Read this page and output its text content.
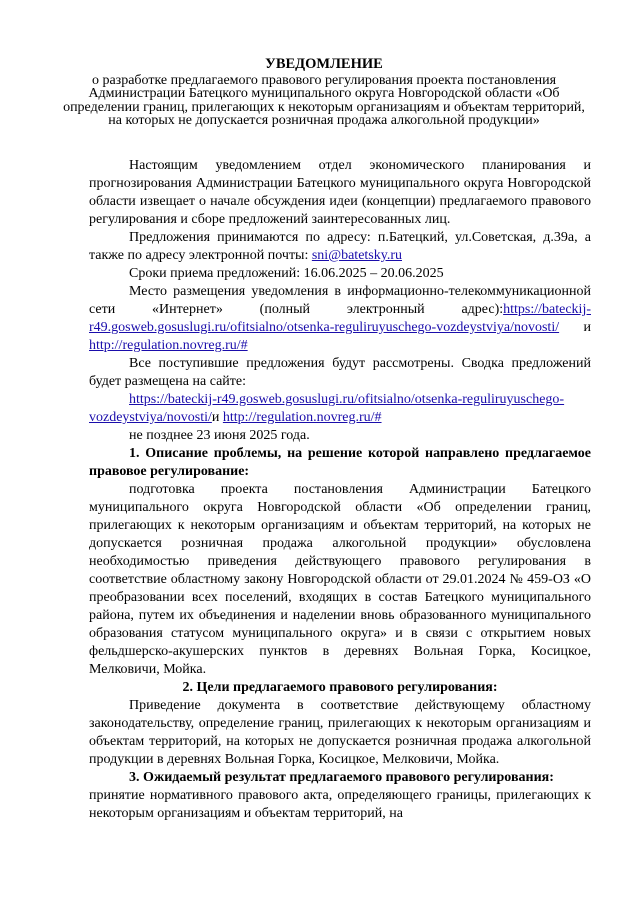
УВЕДОМЛЕНИЕ
о разработке предлагаемого правового регулирования проекта постановления Администрации Батецкого муниципального округа Новгородской области «Об определении границ, прилегающих к некоторым организациям и объектам территорий, на которых не допускается розничная продажа алкогольной продукции»

Настоящим уведомлением отдел экономического планирования и прогнозирования Администрации Батецкого муниципального округа Новгородской области извещает о начале обсуждения идеи (концепции) предлагаемого правового регулирования и сборе предложений заинтересованных лиц.

Предложения принимаются по адресу: п.Батецкий, ул.Советская, д.39а, а также по адресу электронной почты: sni@batetsky.ru

Сроки приема предложений: 16.06.2025 – 20.06.2025

Место размещения уведомления в информационно-телекоммуникационной сети «Интернет» (полный электронный адрес):https://bateckij-r49.gosweb.gosuslugi.ru/ofitsialno/otsenka-reguliruyuschego-vozdeystviya/novosti/ и http://regulation.novreg.ru/#

Все поступившие предложения будут рассмотрены. Сводка предложений будет размещена на сайте:

https://bateckij-r49.gosweb.gosuslugi.ru/ofitsialno/otsenka-reguliruyuschego-vozdeystviya/novosti/и http://regulation.novreg.ru/#

не позднее 23 июня 2025 года.

1. Описание проблемы, на решение которой направлено предлагаемое правовое регулирование:

подготовка проекта постановления Администрации Батецкого муниципального округа Новгородской области «Об определении границ, прилегающих к некоторым организациям и объектам территорий, на которых не допускается розничная продажа алкогольной продукции» обусловлена необходимостью приведения действующего правового регулирования в соответствие областному закону Новгородской области от 29.01.2024 № 459-ОЗ «О преобразовании всех поселений, входящих в состав Батецкого муниципального района, путем их объединения и наделении вновь образованного муниципального образования статусом муниципального округа» и в связи с открытием новых фельдшерско-акушерских пунктов в деревнях Вольная Горка, Косицкое, Мелковичи, Мойка.

2. Цели предлагаемого правового регулирования:

Приведение документа в соответствие действующему областному законодательству, определение границ, прилегающих к некоторым организациям и объектам территорий, на которых не допускается розничная продажа алкогольной продукции в деревнях Вольная Горка, Косицкое, Мелковичи, Мойка.

3. Ожидаемый результат предлагаемого правового регулирования:

принятие нормативного правового акта, определяющего границы, прилегающих к некоторым организациям и объектам территорий, на
